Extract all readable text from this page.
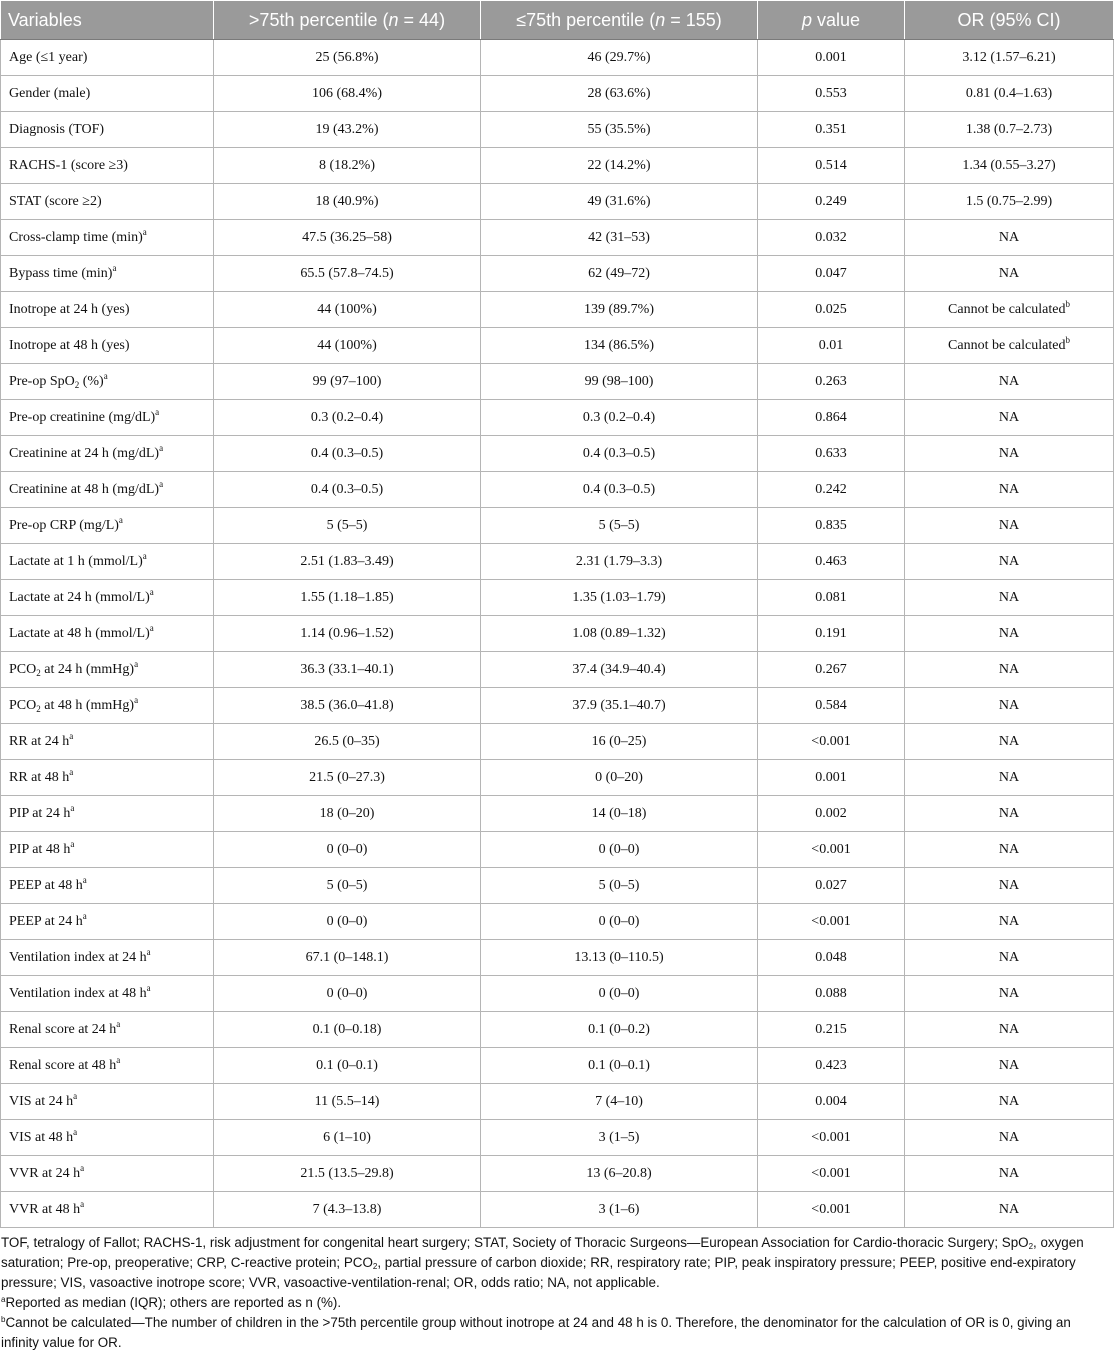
Variables	>75th percentile (n = 44)	≤75th percentile (n = 155)	p value	OR (95% CI)
Age (≤1 year)	25 (56.8%)	46 (29.7%)	0.001	3.12 (1.57–6.21)
Gender (male)	106 (68.4%)	28 (63.6%)	0.553	0.81 (0.4–1.63)
Diagnosis (TOF)	19 (43.2%)	55 (35.5%)	0.351	1.38 (0.7–2.73)
RACHS-1 (score ≥3)	8 (18.2%)	22 (14.2%)	0.514	1.34 (0.55–3.27)
STAT (score ≥2)	18 (40.9%)	49 (31.6%)	0.249	1.5 (0.75–2.99)
Cross-clamp time $(\min)^a$	47.5 (36.25–58)	42 (31–53)	0.032	NA
Bypass time $(\min)^a$	65.5 (57.8–74.5)	62 (49–72)	0.047	NA
Inotrope at 24 h (yes)	44 (100%)	139 (89.7%)	0.025	Cannot be calculated$^b$
Inotrope at 48 h (yes)	44 (100%)	134 (86.5%)	0.01	Cannot be calculated$^b$
Pre-op SpO$_2$ (%)$^a$	99 (97–100)	99 (98–100)	0.263	NA
Pre-op creatinine $(mg/dL)^a$	0.3 (0.2–0.4)	0.3 (0.2–0.4)	0.864	NA
Creatinine at 24 h $(mg/dL)^a$	0.4 (0.3–0.5)	0.4 (0.3–0.5)	0.633	NA
Creatinine at 48 h $(mg/dL)^a$	0.4 (0.3–0.5)	0.4 (0.3–0.5)	0.242	NA
Pre-op CRP $(mg/L)^a$	5 (5–5)	5 (5–5)	0.835	NA
Lactate at 1 h (mmol/L)$^a$	2.51 (1.83–3.49)	2.31 (1.79–3.3)	0.463	NA
Lactate at 24 h (mmol/L)$^a$	1.55 (1.18–1.85)	1.35 (1.03–1.79)	0.081	NA
Lactate at 48 h (mmol/L)$^a$	1.14 (0.96–1.52)	1.08 (0.89–1.32)	0.191	NA
$PCO_2$ at 24 h (mmHg)$^a$	36.3 (33.1–40.1)	37.4 (34.9–40.4)	0.267	NA
$PCO_2$ at 48 h (mmHg)$^a$	38.5 (36.0–41.8)	37.9 (35.1–40.7)	0.584	NA
RR at 24 $h^a$	26.5 (0–35)	16 (0–25)	<0.001	NA
RR at 48 $h^a$	21.5 (0–27.3)	0 (0–20)	0.001	NA
PIP at 24 $h^a$	18 (0–20)	14 (0–18)	0.002	NA
PIP at 48 $h^a$	0 (0–0)	0 (0–0)	<0.001	NA
PEEP at 48 $h^a$	5 (0–5)	5 (0–5)	0.027	NA
PEEP at 24 $h^a$	0 (0–0)	0 (0–0)	<0.001	NA
Ventilation index at 24 $h^a$	67.1 (0–148.1)	13.13 (0–110.5)	0.048	NA
Ventilation index at 48 $h^a$	0 (0–0)	0 (0–0)	0.088	NA
Renal score at 24 $h^a$	0.1 (0–0.18)	0.1 (0–0.2)	0.215	NA
Renal score at 48 $h^a$	0.1 (0–0.1)	0.1 (0–0.1)	0.423	NA
VIS at 24 $h^a$	11 (5.5–14)	7 (4–10)	0.004	NA
VIS at 48 $h^a$	6 (1–10)	3 (1–5)	<0.001	NA
VVR at 24 $h^a$	21.5 (13.5–29.8)	13 (6–20.8)	<0.001	NA
VVR at 48 $h^a$	7 (4.3–13.8)	3 (1–6)	<0.001	NA

TOF, tetralogy of Fallot; RACHS-1, risk adjustment for congenital heart surgery; STAT, Society of Thoracic Surgeons—European Association for Cardio-thoracic Surgery; SpO$_2$, oxygen saturation; Pre-op, preoperative; CRP, C-reactive protein; $PCO_2$, partial pressure of carbon dioxide; RR, respiratory rate; PIP, peak inspiratory pressure; PEEP, positive end-expiratory pressure; VIS, vasoactive inotrope score; VVR, vasoactive-ventilation-renal; OR, odds ratio; NA, not applicable.

$^a$Reported as median (IQR); others are reported as n (%).

$^b$Cannot be calculated—The number of children in the >75th percentile group without inotrope at 24 and 48 h is 0. Therefore, the denominator for the calculation of OR is 0, giving an infinity value for OR.
